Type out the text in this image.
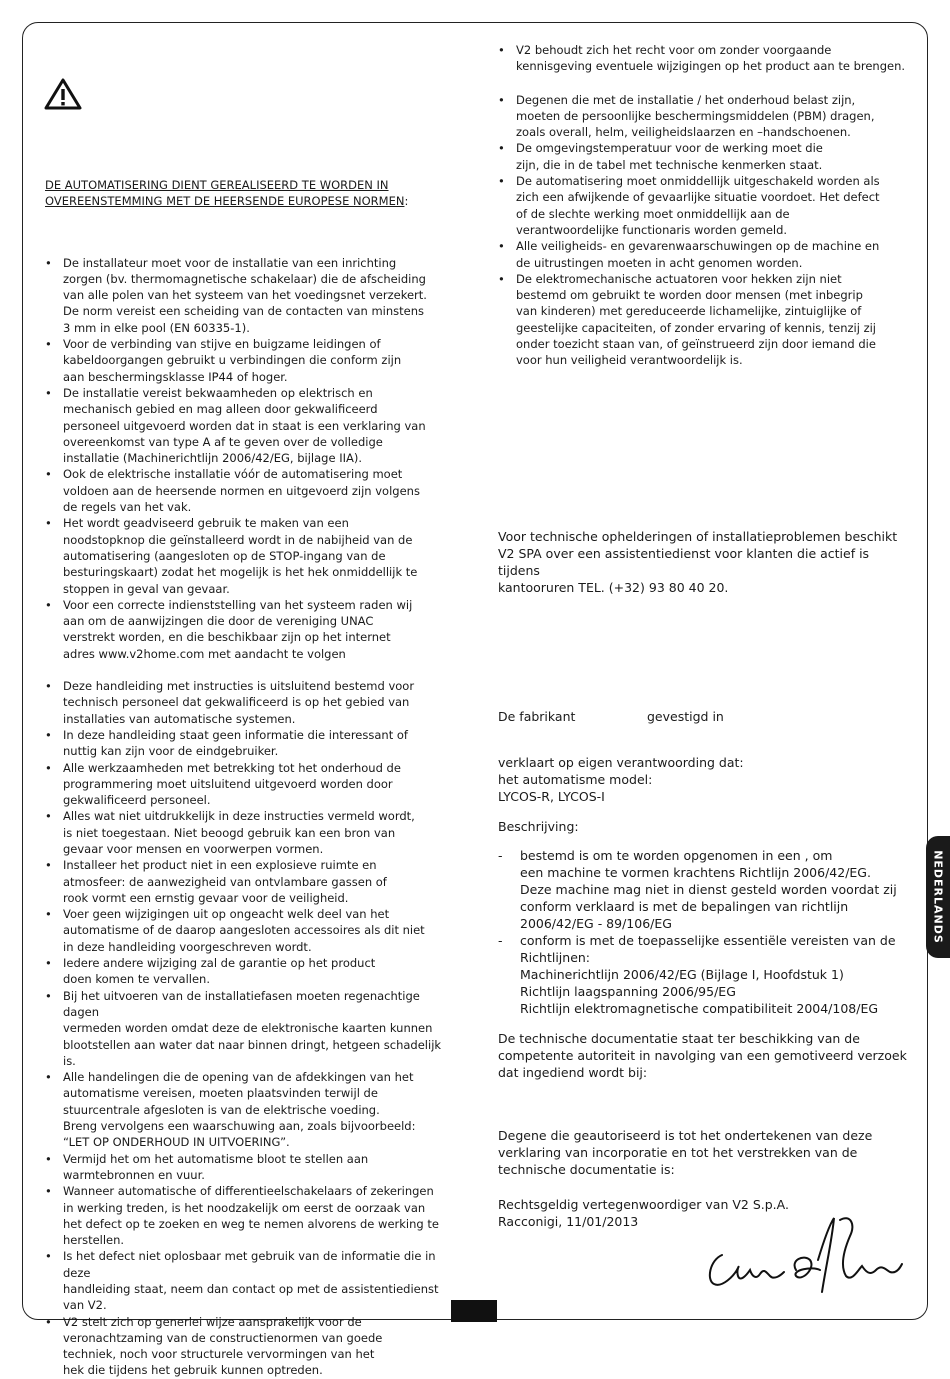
DE AUTOMATISERING DIENT GEREALISEERD TE WORDEN IN
OVEREENSTEMMING MET DE HEERSENDE EUROPESE NORMEN:

• De installateur moet voor de installatie van een inrichting
zorgen (bv. thermomagnetische schakelaar) die de afscheiding
van alle polen van het systeem van het voedingsnet verzekert.
De norm vereist een scheiding van de contacten van minstens
3 mm in elke pool (EN 60335-1).
• Voor de verbinding van stijve en buigzame leidingen of
kabeldoorgangen gebruikt u verbindingen die conform zijn
aan beschermingsklasse IP44 of hoger.
• De installatie vereist bekwaamheden op elektrisch en
mechanisch gebied en mag alleen door gekwalificeerd
personeel uitgevoerd worden dat in staat is een verklaring van
overeenkomst van type A af te geven over de volledige
installatie (Machinerichtlijn 2006/42/EG, bijlage IIA).
• Ook de elektrische installatie vóór de automatisering moet
voldoen aan de heersende normen en uitgevoerd zijn volgens
de regels van het vak.
• Het wordt geadviseerd gebruik te maken van een
noodstopknop die geïnstalleerd wordt in de nabijheid van de
automatisering (aangesloten op de STOP-ingang van de
besturingskaart) zodat het mogelijk is het hek onmiddellijk te
stoppen in geval van gevaar.
• Voor een correcte indienststelling van het systeem raden wij
aan om de aanwijzingen die door de vereniging UNAC
verstrekt worden, en die beschikbaar zijn op het internet
adres www.v2home.com met aandacht te volgen
• Deze handleiding met instructies is uitsluitend bestemd voor
technisch personeel dat gekwalificeerd is op het gebied van
installaties van automatische systemen.
• In deze handleiding staat geen informatie die interessant of
nuttig kan zijn voor de eindgebruiker.
• Alle werkzaamheden met betrekking tot het onderhoud de
programmering moet uitsluitend uitgevoerd worden door
gekwalificeerd personeel.
• Alles wat niet uitdrukkelijk in deze instructies vermeld wordt,
is niet toegestaan. Niet beoogd gebruik kan een bron van
gevaar voor mensen en voorwerpen vormen.
• Installeer het product niet in een explosieve ruimte en
atmosfeer: de aanwezigheid van ontvlambare gassen of
rook vormt een ernstig gevaar voor de veiligheid.
• Voer geen wijzigingen uit op ongeacht welk deel van het
automatisme of de daarop aangesloten accessoires als dit niet
in deze handleiding voorgeschreven wordt.
• Iedere andere wijziging zal de garantie op het product
doen komen te vervallen.
• Bij het uitvoeren van de installatiefasen moeten regenachtige dagen
vermeden worden omdat deze de elektronische kaarten kunnen
blootstellen aan water dat naar binnen dringt, hetgeen schadelijk is.
• Alle handelingen die de opening van de afdekkingen van het
automatisme vereisen, moeten plaatsvinden terwijl de
stuurcentrale afgesloten is van de elektrische voeding.
Breng vervolgens een waarschuwing aan, zoals bijvoorbeeld:
“LET OP ONDERHOUD IN UITVOERING”.
• Vermijd het om het automatisme bloot te stellen aan
warmtebronnen en vuur.
• Wanneer automatische of differentieelschakelaars of zekeringen
in werking treden, is het noodzakelijk om eerst de oorzaak van
het defect op te zoeken en weg te nemen alvorens de werking te
herstellen.
• Is het defect niet oplosbaar met gebruik van de informatie die in deze
handleiding staat, neem dan contact op met de assistentiedienst van V2.
• V2 stelt zich op generlei wijze aansprakelijk voor de
veronachtzaming van de constructienormen van goede
techniek, noch voor structurele vervormingen van het
hek die tijdens het gebruik kunnen optreden.
• V2 behoudt zich het recht voor om zonder voorgaande
kennisgeving eventuele wijzigingen op het product aan te brengen.
• Degenen die met de installatie / het onderhoud belast zijn,
moeten de persoonlijke beschermingsmiddelen (PBM) dragen,
zoals overall, helm, veiligheidslaarzen en –handschoenen.
• De omgevingstemperatuur voor de werking moet die
zijn, die in de tabel met technische kenmerken staat.
• De automatisering moet onmiddellijk uitgeschakeld worden als
zich een afwijkende of gevaarlijke situatie voordoet. Het defect
of de slechte werking moet onmiddellijk aan de
verantwoordelijke functionaris worden gemeld.
• Alle veiligheids- en gevarenwaarschuwingen op de machine en
de uitrustingen moeten in acht genomen worden.
• De elektromechanische actuatoren voor hekken zijn niet
bestemd om gebruikt te worden door mensen (met inbegrip
van kinderen) met gereduceerde lichamelijke, zintuiglijke of
geestelijke capaciteiten, of zonder ervaring of kennis, tenzij zij
onder toezicht staan van, of geïnstrueerd zijn door iemand die
voor hun veiligheid verantwoordelijk is.

Voor technische ophelderingen of installatieproblemen beschikt
V2 SPA over een assistentiedienst voor klanten die actief is tijdens
kantooruren TEL. (+32) 93 80 40 20.

De fabrikant	gevestigd in

verklaart op eigen verantwoording dat:
het automatisme model:
LYCOS-R, LYCOS-I

Beschrijving:

- bestemd is om te worden opgenomen in een , om
een machine te vormen krachtens Richtlijn 2006/42/EG.
Deze machine mag niet in dienst gesteld worden voordat zij
conform verklaard is met de bepalingen van richtlijn
2006/42/EG - 89/106/EG
- conform is met de toepasselijke essentiële vereisten van de
Richtlijnen:
Machinerichtlijn 2006/42/EG (Bijlage I, Hoofdstuk 1)
Richtlijn laagspanning 2006/95/EG
Richtlijn elektromagnetische compatibiliteit 2004/108/EG

De technische documentatie staat ter beschikking van de
competente autoriteit in navolging van een gemotiveerd verzoek
dat ingediend wordt bij:

Degene die geautoriseerd is tot het ondertekenen van deze
verklaring van incorporatie en tot het verstrekken van de
technische documentatie is:

Rechtsgeldig vertegenwoordiger van V2 S.p.A.
Racconigi, 11/01/2013

NEDERLANDS
